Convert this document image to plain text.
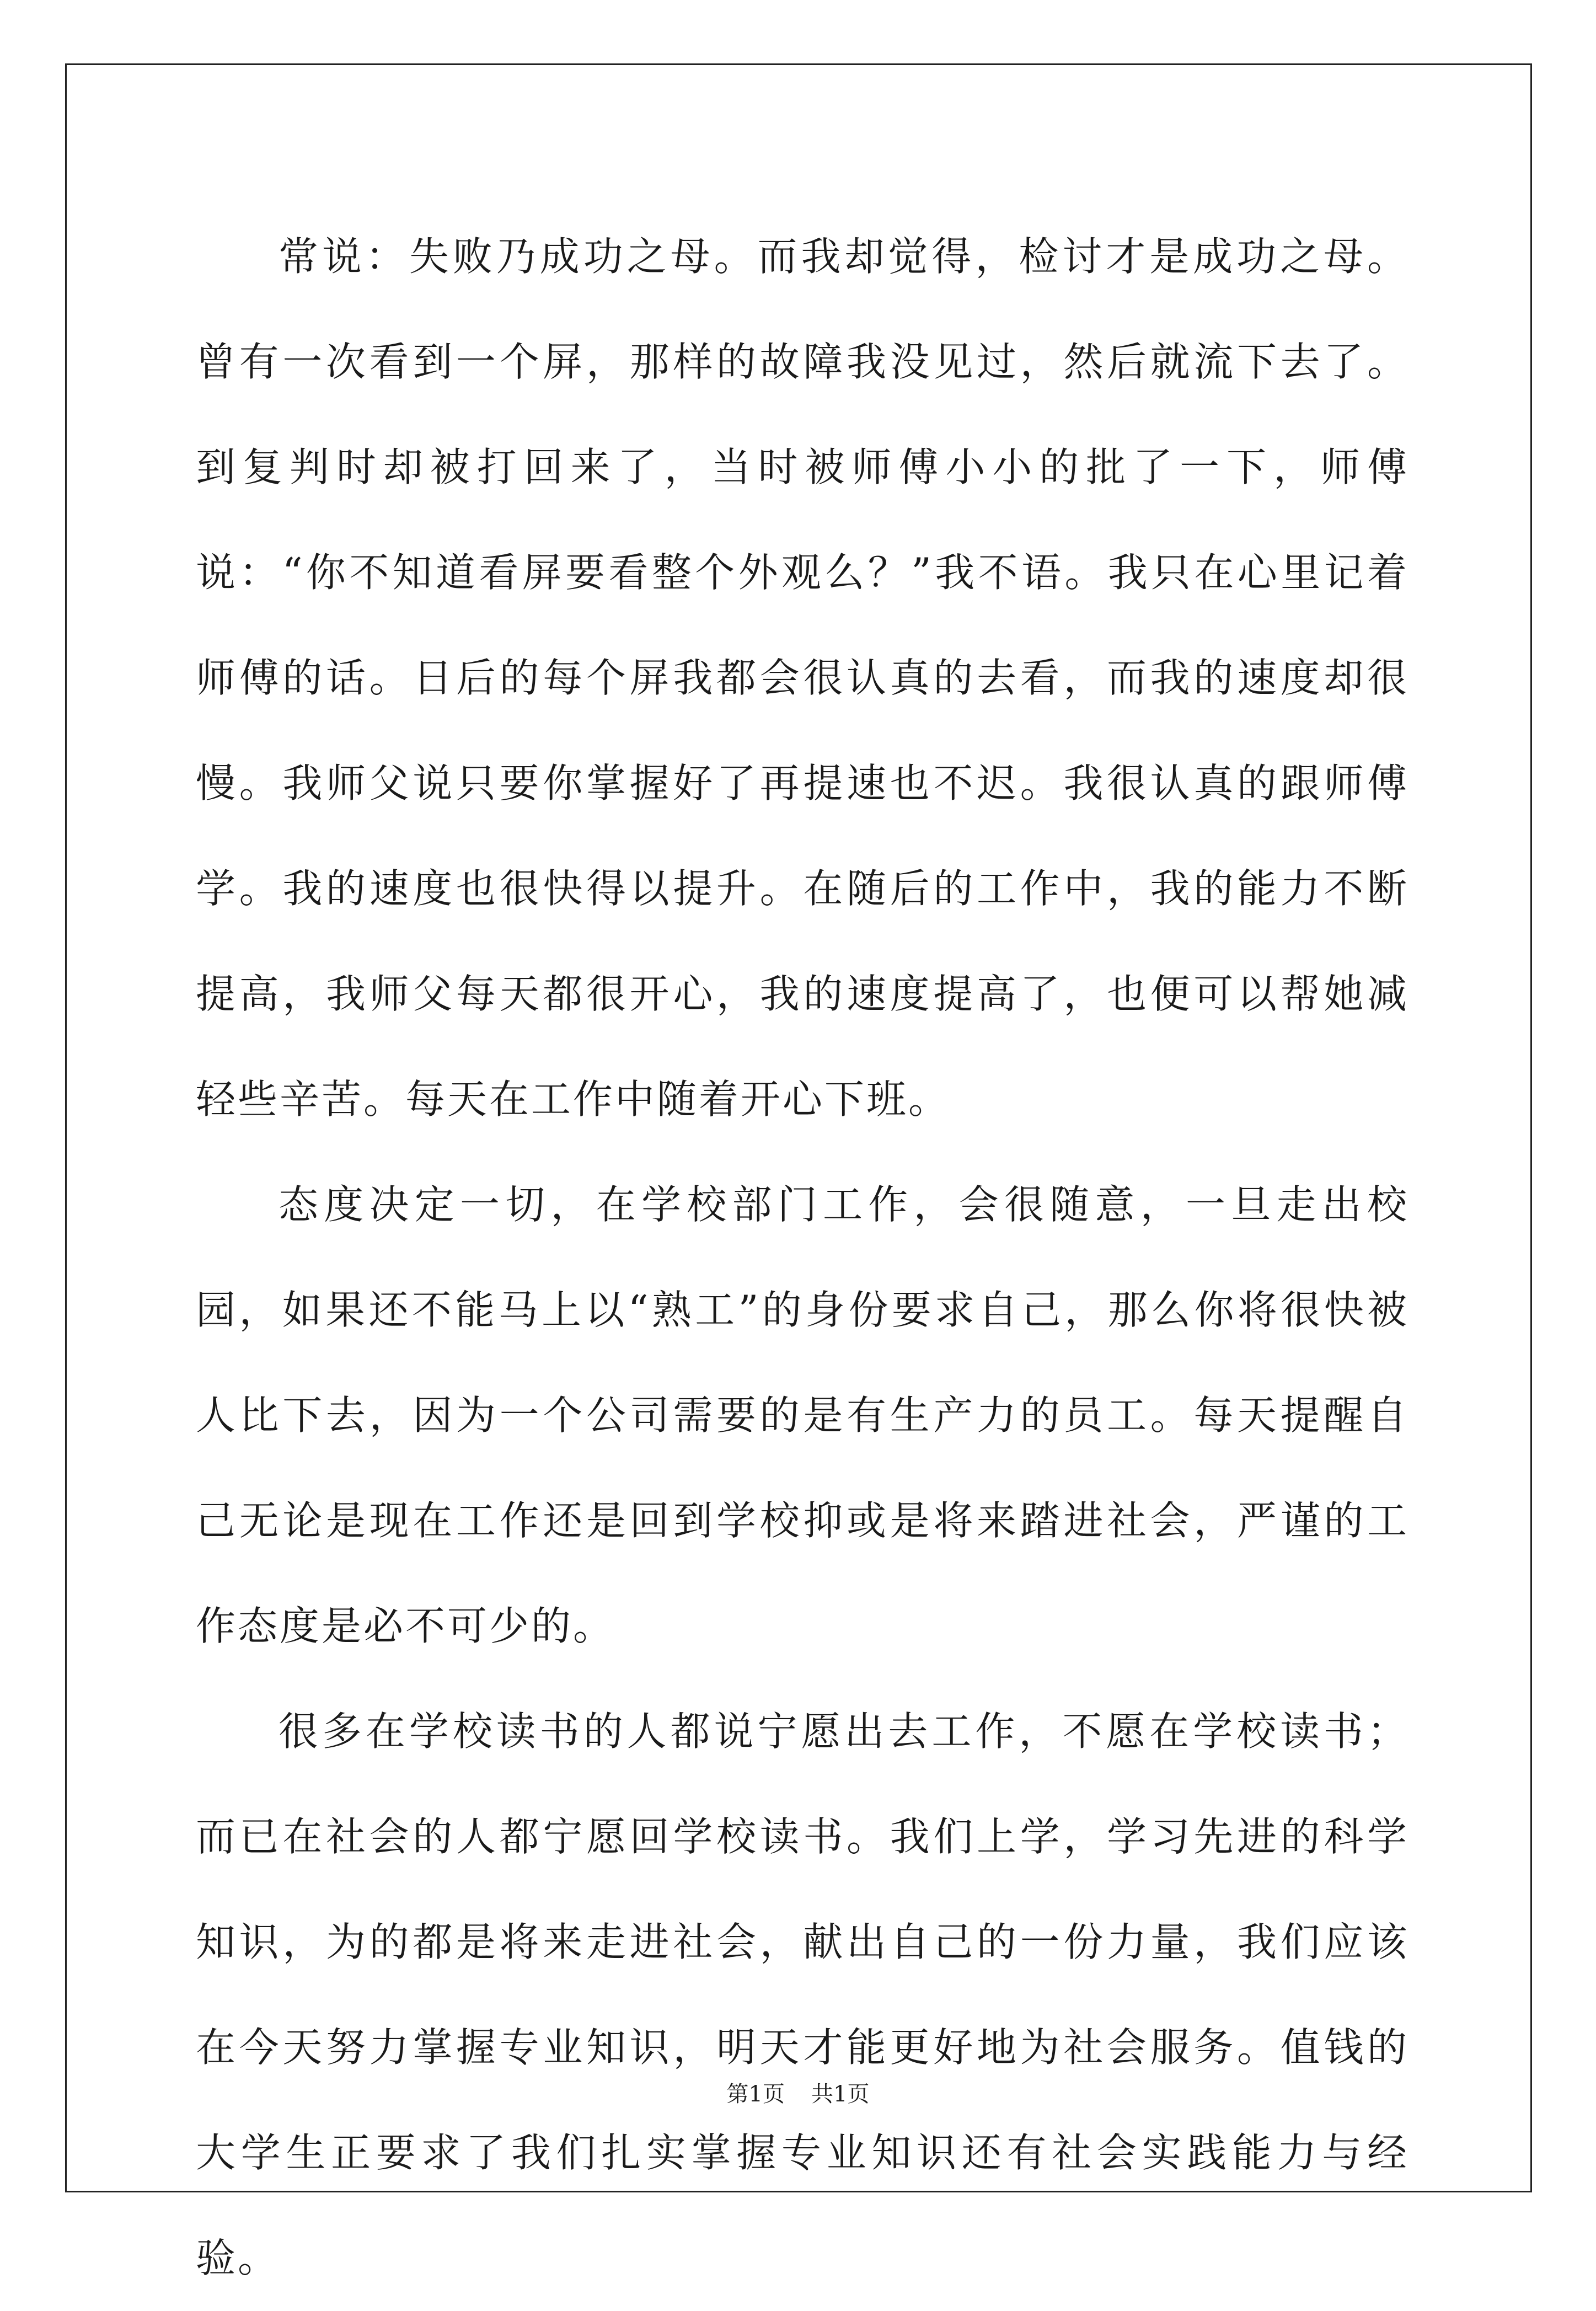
常说：失败乃成功之母。而我却觉得，检讨才是成功之母。曾有一次看到一个屏，那样的故障我没见过，然后就流下去了。到复判时却被打回来了，当时被师傅小小的批了一下，师傅说：“你不知道看屏要看整个外观么？”我不语。我只在心里记着师傅的话。日后的每个屏我都会很认真的去看，而我的速度却很慢。我师父说只要你掌握好了再提速也不迟。我很认真的跟师傅学。我的速度也很快得以提升。在随后的工作中，我的能力不断提高，我师父每天都很开心，我的速度提高了，也便可以帮她减轻些辛苦。每天在工作中随着开心下班。

态度决定一切，在学校部门工作，会很随意，一旦走出校园，如果还不能马上以“熟工”的身份要求自己，那么你将很快被人比下去，因为一个公司需要的是有生产力的员工。每天提醒自己无论是现在工作还是回到学校抑或是将来踏进社会，严谨的工作态度是必不可少的。

很多在学校读书的人都说宁愿出去工作，不愿在学校读书；而已在社会的人都宁愿回学校读书。我们上学，学习先进的科学知识，为的都是将来走进社会，献出自己的一份力量，我们应该在今天努力掌握专业知识，明天才能更好地为社会服务。值钱的大学生正要求了我们扎实掌握专业知识还有社会实践能力与经验。

第1页 共1页
